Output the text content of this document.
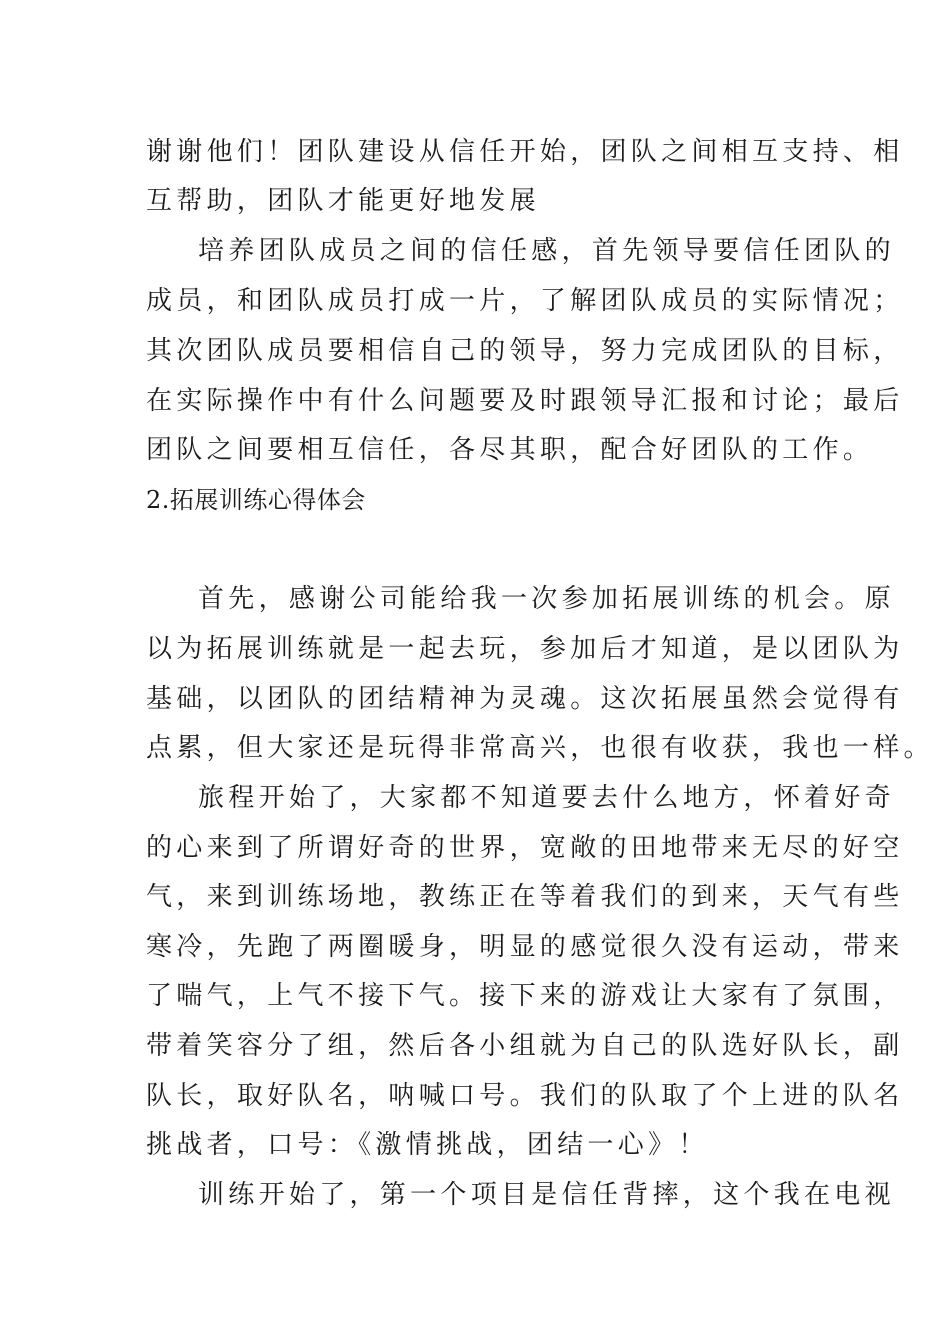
谢谢他们！团队建设从信任开始，团队之间相互支持、相
互帮助，团队才能更好地发展
培养团队成员之间的信任感，首先领导要信任团队的
成员，和团队成员打成一片，了解团队成员的实际情况；
其次团队成员要相信自己的领导，努力完成团队的目标，
在实际操作中有什么问题要及时跟领导汇报和讨论；最后
团队之间要相互信任，各尽其职，配合好团队的工作。
2.拓展训练心得体会
首先，感谢公司能给我一次参加拓展训练的机会。原
以为拓展训练就是一起去玩，参加后才知道，是以团队为
基础，以团队的团结精神为灵魂。这次拓展虽然会觉得有
点累，但大家还是玩得非常高兴，也很有收获，我也一样。
旅程开始了，大家都不知道要去什么地方，怀着好奇
的心来到了所谓好奇的世界，宽敞的田地带来无尽的好空
气，来到训练场地，教练正在等着我们的到来，天气有些
寒冷，先跑了两圈暖身，明显的感觉很久没有运动，带来
了喘气，上气不接下气。接下来的游戏让大家有了氛围，
带着笑容分了组，然后各小组就为自己的队选好队长，副
队长，取好队名，呐喊口号。我们的队取了个上进的队名
挑战者，口号：《激情挑战，团结一心》！
训练开始了，第一个项目是信任背摔，这个我在电视
